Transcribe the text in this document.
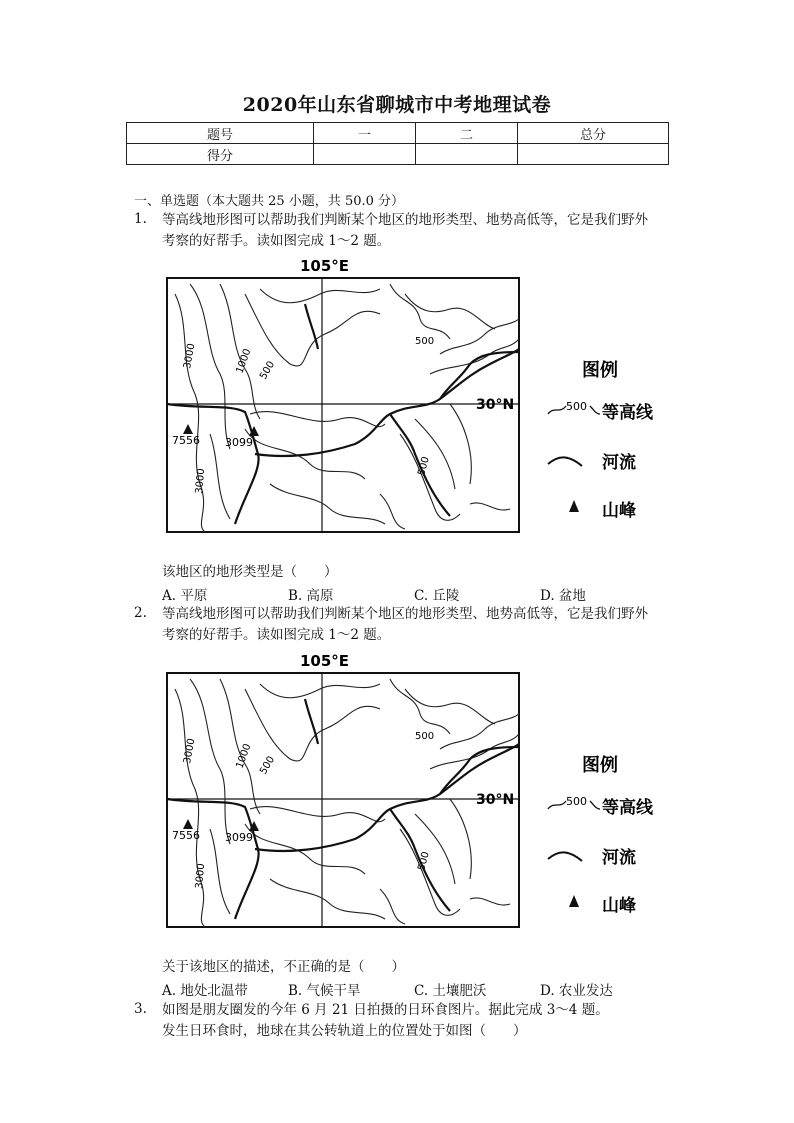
2020年山东省聊城市中考地理试卷
题号	一	二	总分
得分			
一、单选题（本大题共 25 小题，共 50.0 分）
1. 等高线地形图可以帮助我们判断某个地区的地形类型、地势高低等，它是我们野外
考察的好帮手。读如图完成 1～2 题。
105°E
3000	1000
500
500
500
3000
7556 3099
30°N
图例
500 等高线
河流
山峰
该地区的地形类型是（　　）
A. 平原	B. 高原	C. 丘陵	D. 盆地
2. 等高线地形图可以帮助我们判断某个地区的地形类型、地势高低等，它是我们野外
考察的好帮手。读如图完成 1～2 题。
105°E
3000	1000
500
500
500
3000
7556 3099
30°N
图例
500 等高线
河流
山峰
关于该地区的描述，不正确的是（　　）
A. 地处北温带	B. 气候干旱	C. 土壤肥沃	D. 农业发达
3. 如图是朋友圈发的今年 6 月 21 日拍摄的日环食图片。据此完成 3～4 题。
发生日环食时，地球在其公转轨道上的位置处于如图（　　）
